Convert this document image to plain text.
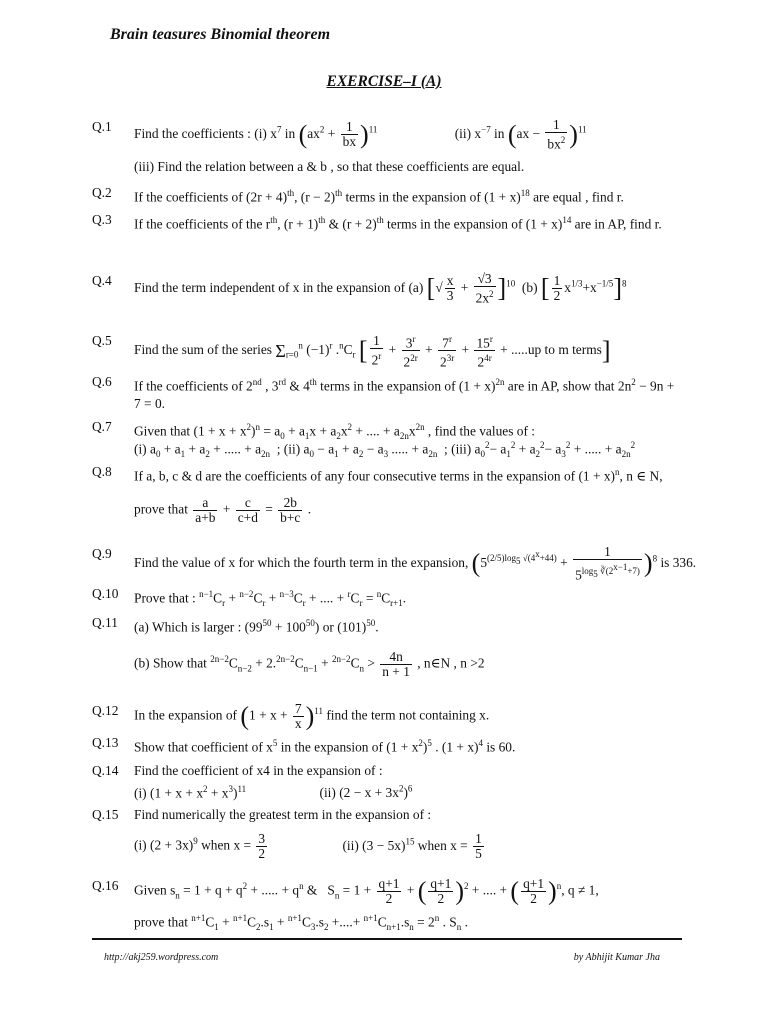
Brain teasures Binomial theorem
EXERCISE–I (A)
Q.1	Find the coefficients : (i) $x^7$ in $(ax^2 + \frac{1}{bx} )^{11}$	(ii) $x^{-7}$ in $(ax - \frac{1}{bx^2} )^{11}$
(iii) Find the relation between a & b , so that these coefficients are equal.
Q.2	If the coefficients of $(2r + 4)^{th}$, $(r - 2)^{th}$ terms in the expansion of $(1 + x)^{18}$ are equal , find r.
Q.3	If the coefficients of the $r^{th}$, $(r + 1)^{th}$ & $(r + 2)^{th}$ terms in the expansion of $(1 + x)^{14}$ are in AP, find r.
Q.4	Find the term independent of x in the expansion of (a) [√ $\frac{x}{3} + \frac{√3}{2x^2} ]^{10}$  (b) [ $\frac{1}{2} x^{1/3}+x^{-1/5}]^8$
Q.5
Find the sum of the series $\Sigma_{r=0}^n$ $(-1)^r$ $.^nC_r$ [ $\frac{1}{2^r} + \frac{3^r}{2^{2r}} + \frac{7^r}{2^{3r}} + \frac{15^r}{2^{4r}} + .....up$ to m terms]
Q.6	If the coefficients of 2nd , 3rd & 4th terms in the expansion of $(1 + x)^{2n}$ are in AP, show that $2n^2 - 9n + 7 = 0$.
Q.7	Given that $(1 + x + x^2)^n = a_0 + a_1x + a_2x^2$ + .... + $a_{2n}x^{2n}$ , find the values of :
(i) $a_0 + a_1 + a_2$ + ..... + $a_{2n}$  ; (ii) $a_0 - a_1 + a_2 - a_3$ ..... + $a_{2n}$  ; (iii) $a_0^2- a_1^2 + a_2^2- a_3^2$ + ..... + $a_{2n}^2$
Q.8	If a, b, c & d are the coefficients of any four consecutive terms in the expansion of $(1 + x)^n$, n ∈ N,
prove that $\frac{a}{a+b} + \frac{c}{c+d} = \frac{2b}{b+c}$ .
Q.9
Find the value of x for which the fourth term in the expansion, $(5^{(2/5)log_5 √(4^x+44)} + \frac{1}{5^{log_5 ∛(2^{x-1}+7)}} )^8$ is 336.
Q.10	Prove that : $^{n-1}C_r + ^{n-2}C_r + ^{n-3}C_r$ + .... + $^rC_r = ^nC_{r+1}$.
Q.11	(a) Which is larger : $(99^{50} + 100^{50})$ or $(101)^{50}$.
(b) Show that $^{2n-2}C_{n-2} + 2.^{2n-2}C_{n-1} + ^{2n-2}C_n > \frac{4n}{n + 1}$ , n∈N , n >2
Q.12	In the expansion of $(1 + x + \frac{7}{x} )^{11}$ find the term not containing x.
Q.13	Show that coefficient of $x^5$ in the expansion of $(1 + x^2)^5$ . $(1 + x)^4$ is 60.
Q.14	Find the coefficient of x4 in the expansion of :
(i) $(1 + x + x^2 + x^3)^{11}$	(ii) $(2 - x + 3x^2)^6$
Q.15	Find numerically the greatest term in the expansion of :
(i) $(2 + 3x)^9$ when $x = \frac{3}{2}$	(ii) $(3 - 5x)^{15}$ when $x = \frac{1}{5}$
Q.16	Given $s_n = 1 + q + q^2$ + ..... + $q^n$ &   $S_n = 1 + \frac{q+1}{2}$ + ( $\frac{q+1}{2} )^2$ + .... + ( $\frac{q+1}{2} )^n$, q ≠ 1,
prove that $^{n+1}C_1 + ^{n+1}C_2.s_1 + ^{n+1}C_3.s_2$ +....+ $^{n+1}C_{n+1}.s_n = 2^n$ . $S_n$ .
http://akj259.wordpress.com	by Abhijit Kumar Jha
